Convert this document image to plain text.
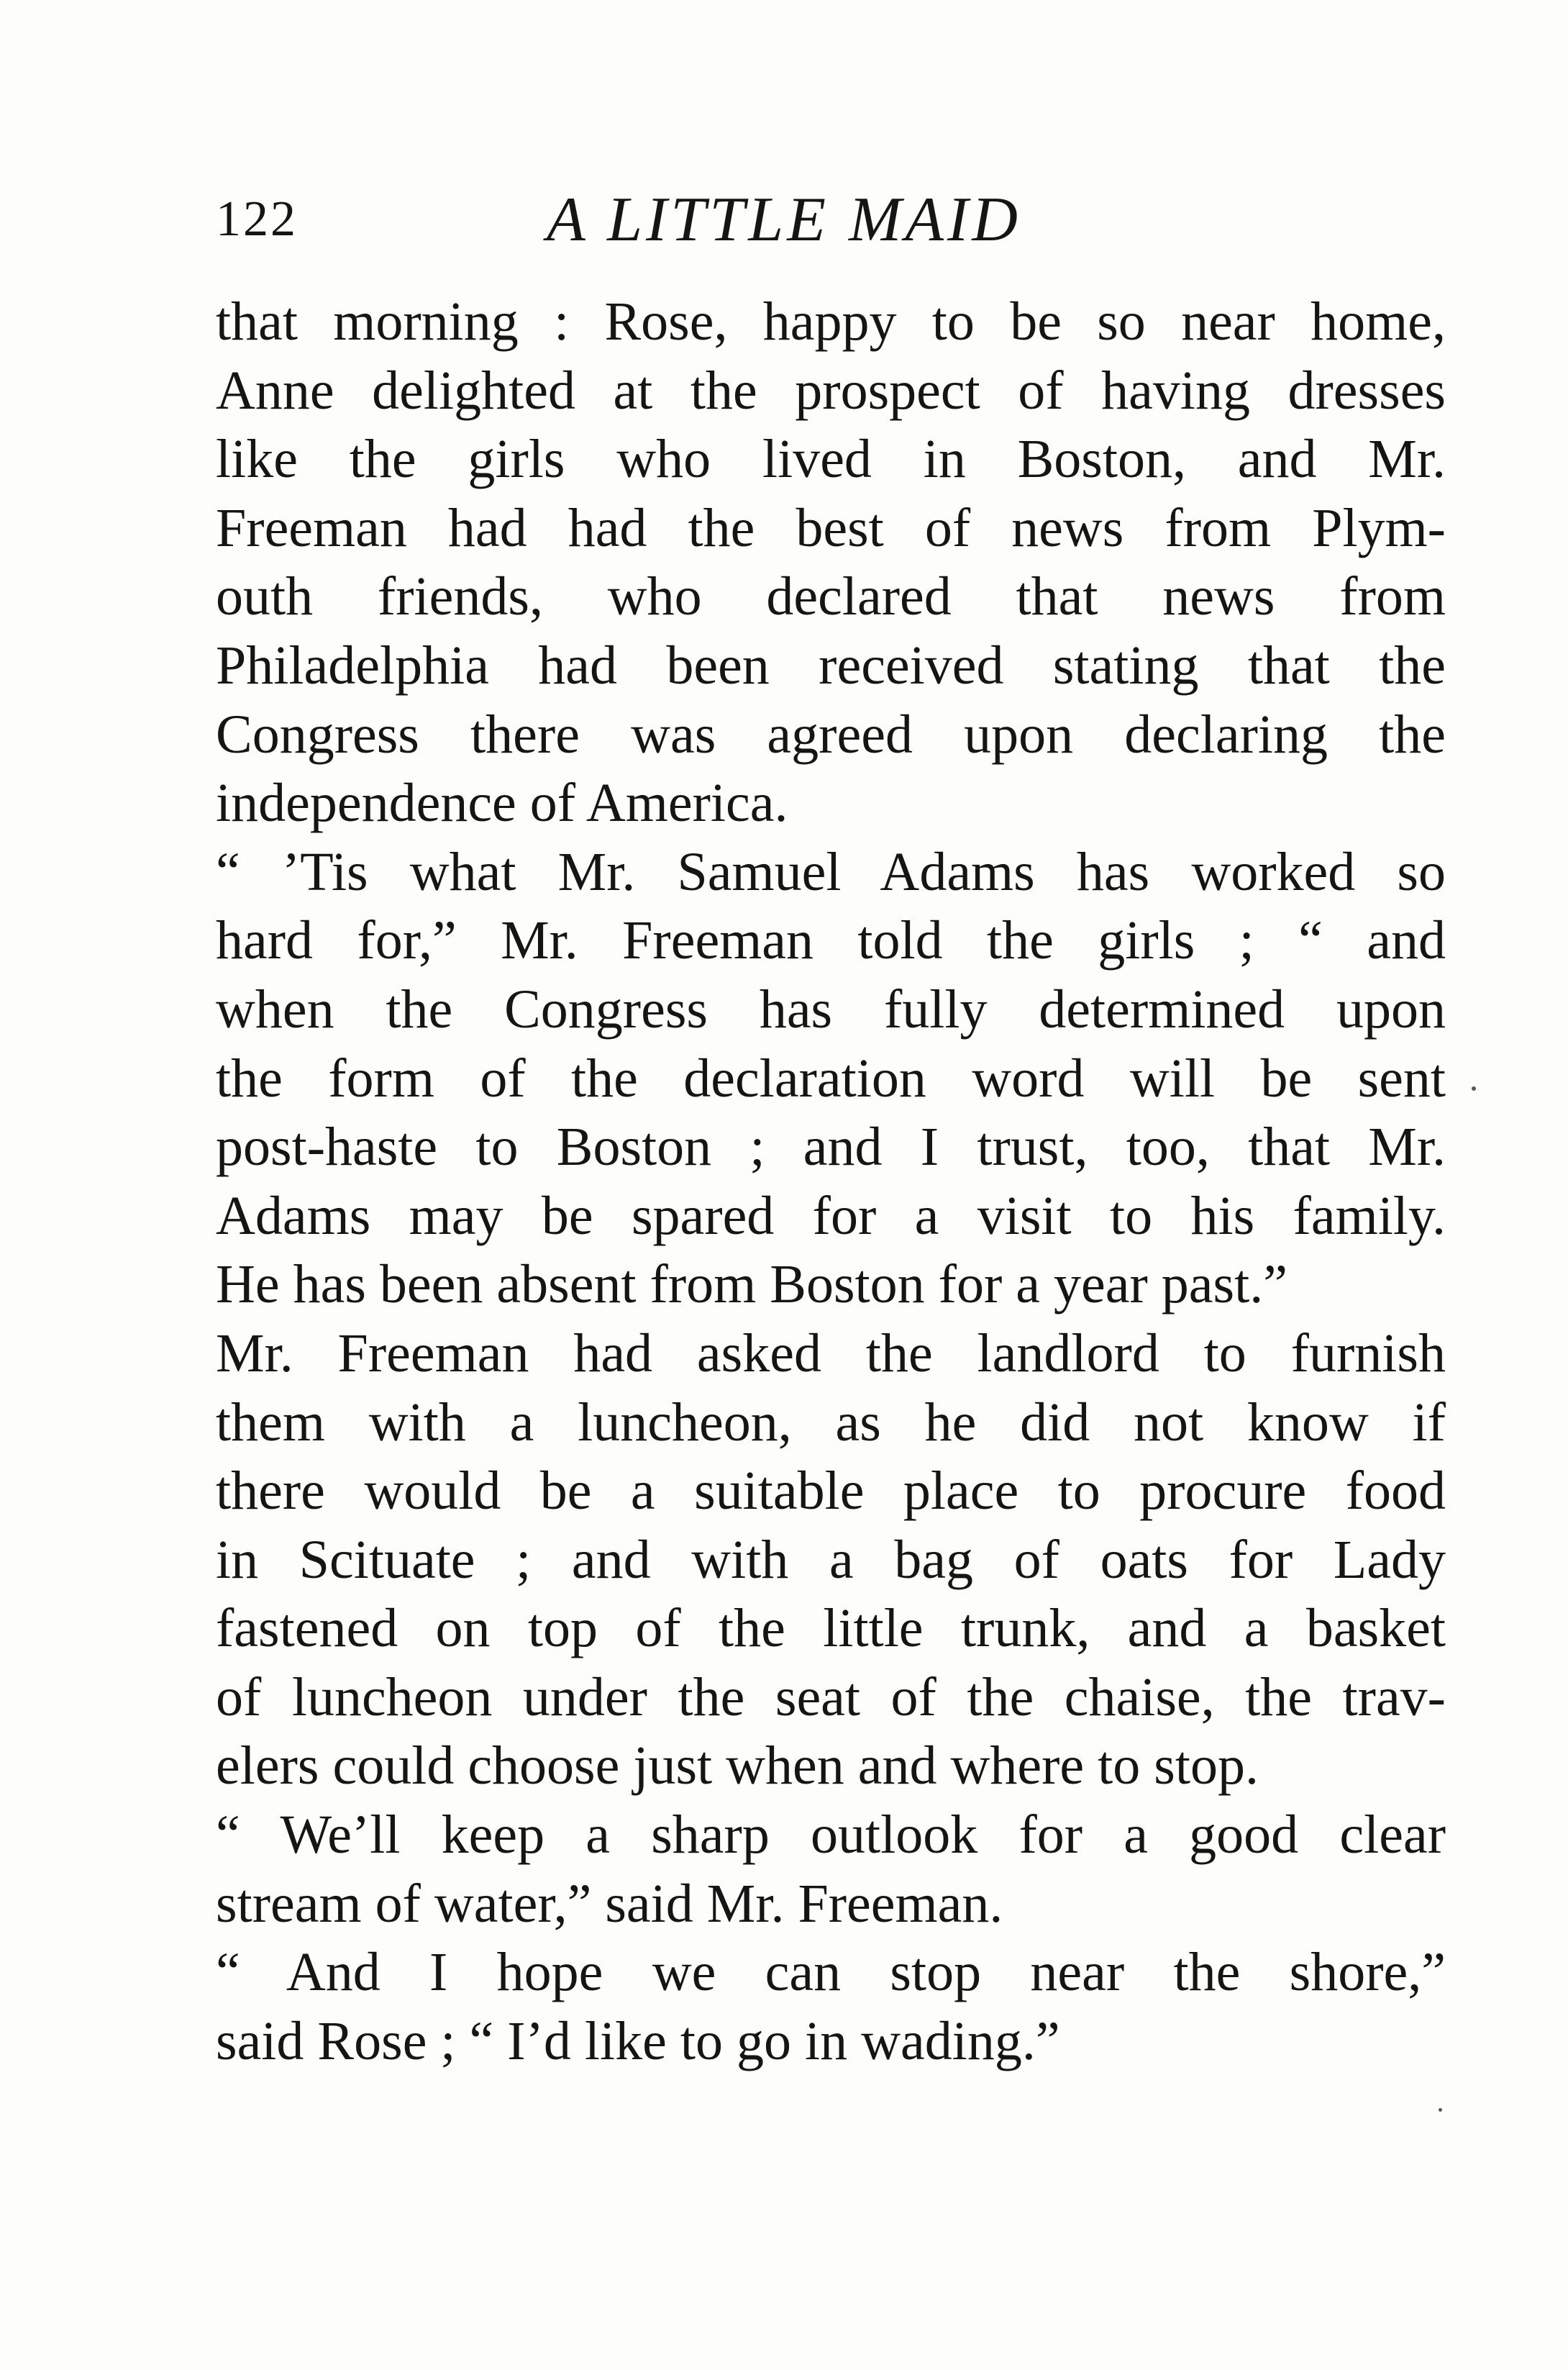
122	A LITTLE MAID
that morning : Rose, happy to be so near home,
Anne delighted at the prospect of having dresses
like the girls who lived in Boston, and Mr.
Freeman had had the best of news from Plym-
outh friends, who declared that news from
Philadelphia had been received stating that the
Congress there was agreed upon declaring the
independence of America.
“ ’Tis what Mr. Samuel Adams has worked so
hard for,” Mr. Freeman told the girls ; “ and
when the Congress has fully determined upon
the form of the declaration word will be sent
post-haste to Boston ; and I trust, too, that Mr.
Adams may be spared for a visit to his family.
He has been absent from Boston for a year past.”
Mr. Freeman had asked the landlord to furnish
them with a luncheon, as he did not know if
there would be a suitable place to procure food
in Scituate ; and with a bag of oats for Lady
fastened on top of the little trunk, and a basket
of luncheon under the seat of the chaise, the trav-
elers could choose just when and where to stop.
“ We’ll keep a sharp outlook for a good clear
stream of water,” said Mr. Freeman.
“ And I hope we can stop near the shore,”
said Rose ; “ I’d like to go in wading.”
